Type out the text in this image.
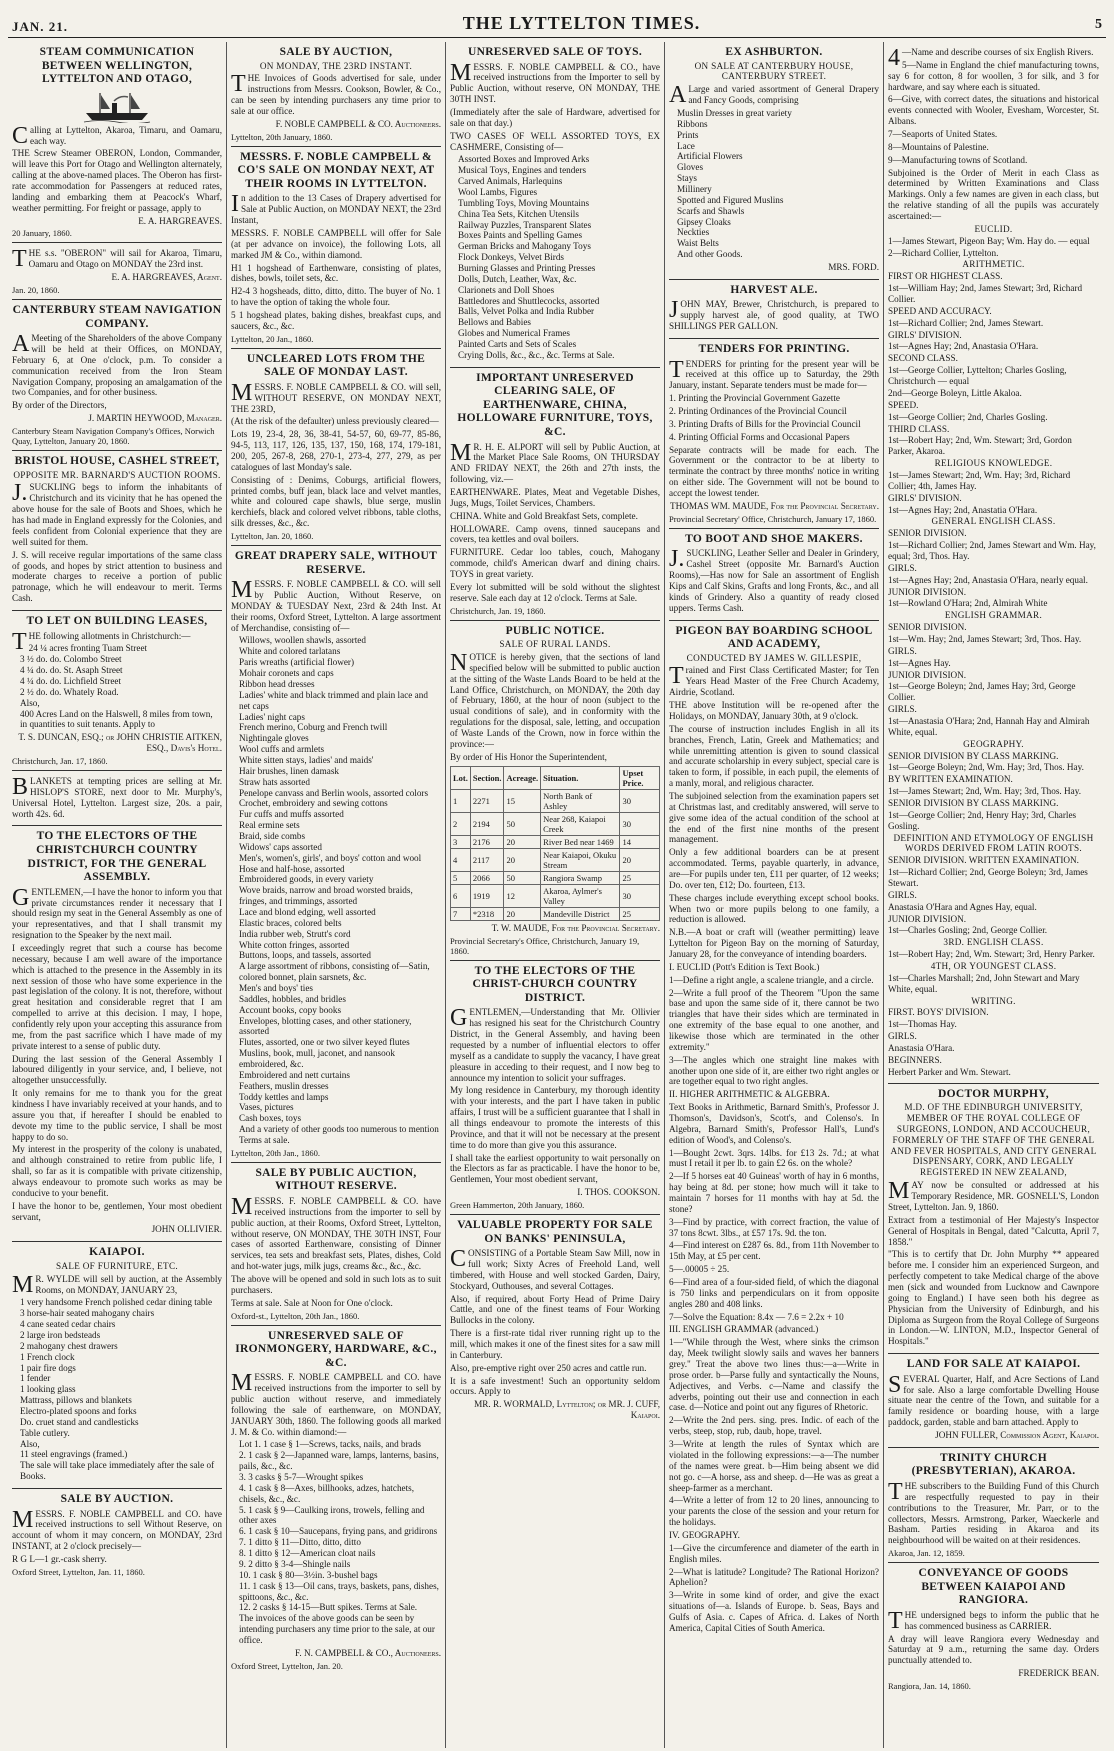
JAN. 21.	THE LYTTELTON TIMES.	5
STEAM COMMUNICATION BETWEEN WELLINGTON, LYTTELTON AND OTAGO,

Calling at Lyttelton, Akaroa, Timaru, and Oamaru, each way.

THE Screw Steamer OBERON, London, Commander, will leave this Port for Otago and Wellington alternately, calling at the above-named places. The Oberon has first-rate accommodation for Passengers at reduced rates, landing and embarking them at Peacock's Wharf, weather permitting. For freight or passage, apply to

E. A. HARGREAVES.
20 January, 1860.

THE s.s. "OBERON" will sail for Akaroa, Timaru, Oamaru and Otago on MONDAY the 23rd inst.

E. A. HARGREAVES, Agent.
Jan. 20, 1860.
CANTERBURY STEAM NAVIGATION COMPANY.

AMeeting of the Shareholders of the above Company will be held at their Offices, on MONDAY, February 6, at One o'clock, p.m. To consider a communication received from the Iron Steam Navigation Company, proposing an amalgamation of the two Companies, and for other business.

By order of the Directors,

J. MARTIN HEYWOOD, Manager.
Canterbury Steam Navigation Company's Offices, Norwich Quay, Lyttelton, January 20, 1860.
BRISTOL HOUSE, CASHEL STREET,
OPPOSITE MR. BARNARD'S AUCTION ROOMS.

J.SUCKLING begs to inform the inhabitants of Christchurch and its vicinity that he has opened the above house for the sale of Boots and Shoes, which he has had made in England expressly for the Colonies, and feels confident from Colonial experience that they are well suited for them.

J. S. will receive regular importations of the same class of goods, and hopes by strict attention to business and moderate charges to receive a portion of public patronage, which he will endeavour to merit. Terms Cash.

TO LET ON BUILDING LEASES,

THE following allotments in Christchurch:—

24 ¼ acres fronting Tuam Street
3 ½ do. do. Colombo Street
4 ¼ do. do. St. Asaph Street
4 ¼ do. do. Lichfield Street
2 ½ do. do. Whately Road.
Also,
400 Acres Land on the Halswell, 8 miles from town, in quantities to suit tenants. Apply to
T. S. DUNCAN, ESQ.; or JOHN CHRISTIE AITKEN, ESQ., Davis's Hotel.
Christchurch, Jan. 17, 1860.

BLANKETS at tempting prices are selling at Mr. HISLOP'S STORE, next door to Mr. Murphy's, Universal Hotel, Lyttelton. Largest size, 20s. a pair, worth 42s. 6d.

TO THE ELECTORS OF THE CHRISTCHURCH COUNTRY DISTRICT, FOR THE GENERAL ASSEMBLY.

GENTLEMEN,—I have the honor to inform you that private circumstances render it necessary that I should resign my seat in the General Assembly as one of your representatives, and that I shall transmit my resignation to the Speaker by the next mail.

I exceedingly regret that such a course has become necessary, because I am well aware of the importance which is attached to the presence in the Assembly in its next session of those who have some experience in the past legislation of the colony. It is not, therefore, without great hesitation and considerable regret that I am compelled to arrive at this decision. I may, I hope, confidently rely upon your accepting this assurance from me, from the past sacrifice which I have made of my private interest to a sense of public duty.

During the last session of the General Assembly I laboured diligently in your service, and, I believe, not altogether unsuccessfully.

It only remains for me to thank you for the great kindness I have invariably received at your hands, and to assure you that, if hereafter I should be enabled to devote my time to the public service, I shall be most happy to do so.

My interest in the prosperity of the colony is unabated, and although constrained to retire from public life, I shall, so far as it is compatible with private citizenship, always endeavour to promote such works as may be conducive to your benefit.

I have the honor to be, gentlemen, Your most obedient servant,

JOHN OLLIVIER.
KAIAPOI.
SALE OF FURNITURE, ETC.

MR. WYLDE will sell by auction, at the Assembly Rooms, on MONDAY, JANUARY 23,

1 very handsome French polished cedar dining table
3 horse-hair seated mahogany chairs
4 cane seated cedar chairs
2 large iron bedsteads
2 mahogany chest drawers
1 French clock
1 pair fire dogs
1 fender
1 looking glass
Mattrass, pillows and blankets
Electro-plated spoons and forks
Do. cruet stand and candlesticks
Table cutlery.
Also,
11 steel engravings (framed.)
The sale will take place immediately after the sale of Books.
SALE BY AUCTION.

MESSRS. F. NOBLE CAMPBELL and CO. have received instructions to sell Without Reserve, on account of whom it may concern, on MONDAY, 23rd INSTANT, at 2 o'clock precisely—

R G L—1 gr.-cask sherry.

Oxford Street, Lyttelton, Jan. 11, 1860.
SALE BY AUCTION,
ON MONDAY, THE 23RD INSTANT.

THE Invoices of Goods advertised for sale, under instructions from Messrs. Cookson, Bowler, & Co., can be seen by intending purchasers any time prior to sale at our office.

F. NOBLE CAMPBELL & CO. Auctioneers.
Lyttelton, 20th January, 1860.
MESSRS. F. NOBLE CAMPBELL & CO'S SALE ON MONDAY NEXT, AT THEIR ROOMS IN LYTTELTON.

In addition to the 13 Cases of Drapery advertised for Sale at Public Auction, on MONDAY NEXT, the 23rd Instant,

MESSRS. F. NOBLE CAMPBELL will offer for Sale (at per advance on invoice), the following Lots, all marked JM & Co., within diamond.

H1 1 hogshead of Earthenware, consisting of plates, dishes, bowls, toilet sets, &c.

H2-4 3 hogsheads, ditto, ditto, ditto. The buyer of No. 1 to have the option of taking the whole four.

5 1 hogshead plates, baking dishes, breakfast cups, and saucers, &c., &c.

Lyttelton, 20 Jan., 1860.
UNCLEARED LOTS FROM THE SALE OF MONDAY LAST.

MESSRS. F. NOBLE CAMPBELL & CO. will sell, WITHOUT RESERVE, ON MONDAY NEXT, THE 23RD,

(At the risk of the defaulter) unless previously cleared—

Lots 19, 23-4, 28, 36, 38-41, 54-57, 60, 69-77, 85-86, 94-5, 113, 117, 126, 135, 137, 150, 168, 174, 179-181, 200, 205, 267-8, 268, 270-1, 273-4, 277, 279, as per catalogues of last Monday's sale.

Consisting of : Denims, Coburgs, artificial flowers, printed combs, buff jean, black lace and velvet mantles, white and coloured cape shawls, blue serge, muslin kerchiefs, black and colored velvet ribbons, table cloths, silk dresses, &c., &c.

Lyttelton, Jan. 20, 1860.
GREAT DRAPERY SALE, WITHOUT RESERVE.

MESSRS. F. NOBLE CAMPBELL & CO. will sell by Public Auction, Without Reserve, on MONDAY & TUESDAY Next, 23rd & 24th Inst. At their rooms, Oxford Street, Lyttelton. A large assortment of Merchandise, consisting of—

Willows, woollen shawls, assorted
White and colored tarlatans
Paris wreaths (artificial flower)
Mohair coronets and caps
Ribbon head dresses
Ladies' white and black trimmed and plain lace and net caps
Ladies' night caps
French merino, Coburg and French twill
Nightingale gloves
Wool cuffs and armlets
White sitten stays, ladies' and maids'
Hair brushes, linen damask
Straw hats assorted
Penelope canvass and Berlin wools, assorted colors
Crochet, embroidery and sewing cottons
Fur cuffs and muffs assorted
Real ermine sets
Braid, side combs
Widows' caps assorted
Men's, women's, girls', and boys' cotton and wool Hose and half-hose, assorted
Embroidered goods, in every variety
Wove braids, narrow and broad worsted braids, fringes, and trimmings, assorted
Lace and blond edging, well assorted
Elastic braces, colored belts
India rubber web, Strutt's cord
White cotton fringes, assorted
Buttons, loops, and tassels, assorted
A large assortment of ribbons, consisting of—Satin, colored bonnet, plain sarsnets, &c.
Men's and boys' ties
Saddles, hobbles, and bridles
Account books, copy books
Envelopes, blotting cases, and other stationery, assorted
Flutes, assorted, one or two silver keyed flutes
Muslins, book, mull, jaconet, and nansook embroidered, &c.
Embroidered and nett curtains
Feathers, muslin dresses
Toddy kettles and lamps
Vases, pictures
Cash boxes, toys
And a variety of other goods too numerous to mention
Terms at sale.
Lyttelton, 20th Jan., 1860.
SALE BY PUBLIC AUCTION, WITHOUT RESERVE.

MESSRS. F. NOBLE CAMPBELL & CO. have received instructions from the importer to sell by public auction, at their Rooms, Oxford Street, Lyttelton, without reserve, ON MONDAY, THE 30TH INST, Four cases of assorted Earthenware, consisting of Dinner services, tea sets and breakfast sets, Plates, dishes, Cold and hot-water jugs, milk jugs, creams &c., &c., &c.

The above will be opened and sold in such lots as to suit purchasers.

Terms at sale. Sale at Noon for One o'clock.

Oxford-st., Lyttelton, 20th Jan., 1860.
UNRESERVED SALE OF IRONMONGERY, HARDWARE, &C., &C.

MESSRS. F. NOBLE CAMPBELL and CO. have received instructions from the importer to sell by public auction without reserve, and immediately following the sale of earthenware, on MONDAY, JANUARY 30th, 1860. The following goods all marked J. M. & Co. within diamond:—

Lot 1. 1 case § 1—Screws, tacks, nails, and brads
2. 1 cask § 2—Japanned ware, lamps, lanterns, basins, pails, &c., &c.
3. 3 casks § 5-7—Wrought spikes
4. 1 cask § 8—Axes, billhooks, adzes, hatchets, chisels, &c., &c.
5. 1 cask § 9—Caulking irons, trowels, felling and other axes
6. 1 cask § 10—Saucepans, frying pans, and gridirons
7. 1 ditto § 11—Ditto, ditto, ditto
8. 1 ditto § 12—American cloat nails
9. 2 ditto § 3-4—Shingle nails
10. 1 cask § 80—3½in. 3-bushel bags
11. 1 cask § 13—Oil cans, trays, baskets, pans, dishes, spittoons, &c., &c.
12. 2 casks § 14-15—Butt spikes. Terms at Sale.
The invoices of the above goods can be seen by intending purchasers any time prior to the sale, at our office.
F. N. CAMPBELL & CO., Auctioneers.
Oxford Street, Lyttelton, Jan. 20.
UNRESERVED SALE OF TOYS.

MESSRS. F. NOBLE CAMPBELL & CO., have received instructions from the Importer to sell by Public Auction, without reserve, ON MONDAY, THE 30TH INST.

(Immediately after the sale of Hardware, advertised for sale on that day.)

TWO CASES OF WELL ASSORTED TOYS, EX CASHMERE, Consisting of—

Assorted Boxes and Improved Arks
Musical Toys, Engines and tenders
Carved Animals, Harlequins
Wool Lambs, Figures
Tumbling Toys, Moving Mountains
China Tea Sets, Kitchen Utensils
Railway Puzzles, Transparent Slates
Boxes Paints and Spelling Games
German Bricks and Mahogany Toys
Flock Donkeys, Velvet Birds
Burning Glasses and Printing Presses
Dolls, Dutch, Leather, Wax, &c.
Clarionets and Doll Shoes
Battledores and Shuttlecocks, assorted
Balls, Velvet Polka and India Rubber
Bellows and Babies
Globes and Numerical Frames
Painted Carts and Sets of Scales
Crying Dolls, &c., &c., &c. Terms at Sale.
IMPORTANT UNRESERVED CLEARING SALE, OF EARTHENWARE, CHINA, HOLLOWARE FURNITURE, TOYS, &C.

MR. H. E. ALPORT will sell by Public Auction, at the Market Place Sale Rooms, ON THURSDAY AND FRIDAY NEXT, the 26th and 27th insts, the following, viz.—

EARTHENWARE. Plates, Meat and Vegetable Dishes, Jugs, Mugs, Toilet Services, Chambers.

CHINA. White and Gold Breakfast Sets, complete.

HOLLOWARE. Camp ovens, tinned saucepans and covers, tea kettles and oval boilers.

FURNITURE. Cedar loo tables, couch, Mahogany commode, child's American dwarf and dining chairs. TOYS in great variety.

Every lot submitted will be sold without the slightest reserve. Sale each day at 12 o'clock. Terms at Sale.

Christchurch, Jan. 19, 1860.
PUBLIC NOTICE.
SALE OF RURAL LANDS.

NOTICE is hereby given, that the sections of land specified below will be submitted to public auction at the sitting of the Waste Lands Board to be held at the Land Office, Christchurch, on MONDAY, the 20th day of February, 1860, at the hour of noon (subject to the usual conditions of sale), and in conformity with the regulations for the disposal, sale, letting, and occupation of Waste Lands of the Crown, now in force within the province:—

By order of His Honor the Superintendent,

Lot.	Section.	Acreage.	Situation.	Upset Price.
1	2271	15	North Bank of Ashley	30
2	2194	50	Near 268, Kaiapoi Creek	30
3	2176	20	River Bed near 1469	14
4	2117	20	Near Kaiapoi, Okuku Stream	20
5	2066	50	Rangiora Swamp	25
6	1919	12	Akaroa, Aylmer's Valley	30
7	*2318	20	Mandeville District	25
T. W. MAUDE, For the Provincial Secretary.
Provincial Secretary's Office, Christchurch, January 19, 1860.
TO THE ELECTORS OF THE CHRIST-CHURCH COUNTRY DISTRICT.

GENTLEMEN,—Understanding that Mr. Ollivier has resigned his seat for the Christchurch Country District, in the General Assembly, and having been requested by a number of influential electors to offer myself as a candidate to supply the vacancy, I have great pleasure in acceding to their request, and I now beg to announce my intention to solicit your suffrages.

My long residence in Canterbury, my thorough identity with your interests, and the part I have taken in public affairs, I trust will be a sufficient guarantee that I shall in all things endeavour to promote the interests of this Province, and that it will not be necessary at the present time to do more than give you this assurance.

I shall take the earliest opportunity to wait personally on the Electors as far as practicable. I have the honor to be, Gentlemen, Your most obedient servant,

I. THOS. COOKSON.
Green Hammerton, 20th January, 1860.
VALUABLE PROPERTY FOR SALE ON BANKS' PENINSULA,

CONSISTING of a Portable Steam Saw Mill, now in full work; Sixty Acres of Freehold Land, well timbered, with House and well stocked Garden, Dairy, Stockyard, Outhouses, and several Cottages.

Also, if required, about Forty Head of Prime Dairy Cattle, and one of the finest teams of Four Working Bullocks in the colony.

There is a first-rate tidal river running right up to the mill, which makes it one of the finest sites for a saw mill in Canterbury.

Also, pre-emptive right over 250 acres and cattle run.

It is a safe investment! Such an opportunity seldom occurs. Apply to

MR. R. WORMALD, Lyttelton; or MR. J. CUFF, Kaiapoi.
EX ASHBURTON.
ON SALE AT CANTERBURY HOUSE, CANTERBURY STREET.

ALarge and varied assortment of General Drapery and Fancy Goods, comprising

Muslin Dresses in great variety
Ribbons
Prints
Lace
Artificial Flowers
Gloves
Stays
Millinery
Spotted and Figured Muslins
Scarfs and Shawls
Gipsey Cloaks
Neckties
Waist Belts
And other Goods.
MRS. FORD.
HARVEST ALE.

JOHN MAY, Brewer, Christchurch, is prepared to supply harvest ale, of good quality, at TWO SHILLINGS PER GALLON.

TENDERS FOR PRINTING.

TENDERS for printing for the present year will be received at this office up to Saturday, the 29th January, instant. Separate tenders must be made for—

1. Printing the Provincial Government Gazette

2. Printing Ordinances of the Provincial Council

3. Printing Drafts of Bills for the Provincial Council

4. Printing Official Forms and Occasional Papers

Separate contracts will be made for each. The Government or the contractor to be at liberty to terminate the contract by three months' notice in writing on either side. The Government will not be bound to accept the lowest tender.

THOMAS WM. MAUDE, For the Provincial Secretary.
Provincial Secretary' Office, Christchurch, January 17, 1860.
TO BOOT AND SHOE MAKERS.

J.SUCKLING, Leather Seller and Dealer in Grindery, Cashel Street (opposite Mr. Barnard's Auction Rooms),—Has now for Sale an assortment of English Kips and Calf Skins, Grafts and long Fronts, &c., and all kinds of Grindery. Also a quantity of ready closed uppers. Terms Cash.

PIGEON BAY BOARDING SCHOOL AND ACADEMY,
CONDUCTED BY JAMES W. GILLESPIE,

Trained and First Class Certificated Master; for Ten Years Head Master of the Free Church Academy, Airdrie, Scotland.

THE above Institution will be re-opened after the Holidays, on MONDAY, January 30th, at 9 o'clock.

The course of instruction includes English in all its branches, French, Latin, Greek and Mathematics; and while unremitting attention is given to sound classical and accurate scholarship in every subject, special care is taken to form, if possible, in each pupil, the elements of a manly, moral, and religious character.

The subjoined selection from the examination papers set at Christmas last, and creditably answered, will serve to give some idea of the actual condition of the school at the end of the first nine months of the present management.

Only a few additional boarders can be at present accommodated. Terms, payable quarterly, in advance, are—For pupils under ten, £11 per quarter, of 12 weeks; Do. over ten, £12; Do. fourteen, £13.

These charges include everything except school books. When two or more pupils belong to one family, a reduction is allowed.

N.B.—A boat or craft will (weather permitting) leave Lyttelton for Pigeon Bay on the morning of Saturday, January 28, for the conveyance of intending boarders.

I. EUCLID (Pott's Edition is Text Book.)

1—Define a right angle, a scalene triangle, and a circle.

2—Write a full proof of the Theorem "Upon the same base and upon the same side of it, there cannot be two triangles that have their sides which are terminated in one extremity of the base equal to one another, and likewise those which are terminated in the other extremity."

3—The angles which one straight line makes with another upon one side of it, are either two right angles or are together equal to two right angles.

II. HIGHER ARITHMETIC & ALGEBRA.

Text Books in Arithmetic, Barnard Smith's, Professor J. Thomson's, Davidson's, Scott's, and Colenso's. In Algebra, Barnard Smith's, Professor Hall's, Lund's edition of Wood's, and Colenso's.

1—Bought 2cwt. 3qrs. 14lbs. for £13 2s. 7d.; at what must I retail it per lb. to gain £2 6s. on the whole?

2—If 5 horses eat 40 Guineas' worth of hay in 6 months, hay being at 8d. per stone; how much will it take to maintain 7 horses for 11 months with hay at 5d. the stone?

3—Find by practice, with correct fraction, the value of 37 tons 8cwt. 3lbs., at £57 17s. 9d. the ton.

4—Find interest on £287 6s. 8d., from 11th November to 15th May, at £5 per cent.

5—.00005 ÷ 25.

6—Find area of a four-sided field, of which the diagonal is 750 links and perpendiculars on it from opposite angles 280 and 408 links.

7—Solve the Equation: 8.4x — 7.6 = 2.2x + 10

III. ENGLISH GRAMMAR (advanced.)

1—"While through the West, where sinks the crimson day, Meek twilight slowly sails and waves her banners grey." Treat the above two lines thus:—a—Write in prose order. b—Parse fully and syntactically the Nouns, Adjectives, and Verbs. c—Name and classify the adverbs, pointing out their use and connection in each case. d—Notice and point out any figures of Rhetoric.

2—Write the 2nd pers. sing. pres. Indic. of each of the verbs, steep, stop, rub, daub, hope, travel.

3—Write at length the rules of Syntax which are violated in the following expressions:—a—The number of the names were great. b—Him being absent we did not go. c—A horse, ass and sheep. d—He was as great a sheep-farmer as a merchant.

4—Write a letter of from 12 to 20 lines, announcing to your parents the close of the session and your return for the holidays.

IV. GEOGRAPHY.

1—Give the circumference and diameter of the earth in English miles.

2—What is latitude? Longitude? The Rational Horizon? Aphelion?

3—Write in some kind of order, and give the exact situations of—a. Islands of Europe. b. Seas, Bays and Gulfs of Asia. c. Capes of Africa. d. Lakes of North America, Capital Cities of South America.

4—Name and describe courses of six English Rivers.

5—Name in England the chief manufacturing towns, say 6 for cotton, 8 for woollen, 3 for silk, and 3 for hardware, and say where each is situated.

6—Give, with correct dates, the situations and historical events connected with Wooler, Evesham, Worcester, St. Albans.

7—Seaports of United States.

8—Mountains of Palestine.

9—Manufacturing towns of Scotland.

Subjoined is the Order of Merit in each Class as determined by Written Examinations and Class Markings. Only a few names are given in each class, but the relative standing of all the pupils was accurately ascertained:—

EUCLID.
1—James Stewart, Pigeon Bay; Wm. Hay do. — equal
2—Richard Collier, Lyttelton.
ARITHMETIC.
FIRST OR HIGHEST CLASS.
1st—William Hay; 2nd, James Stewart; 3rd, Richard Collier.
SPEED AND ACCURACY.
1st—Richard Collier; 2nd, James Stewart.
GIRLS' DIVISION.
1st—Agnes Hay; 2nd, Anastasia O'Hara.
SECOND CLASS.
1st—George Collier, Lyttelton; Charles Gosling, Christchurch — equal
2nd—George Boleyn, Little Akaloa.
SPEED.
1st—George Collier; 2nd, Charles Gosling.
THIRD CLASS.
1st—Robert Hay; 2nd, Wm. Stewart; 3rd, Gordon Parker, Akaroa.
RELIGIOUS KNOWLEDGE.
1st—James Stewart; 2nd, Wm. Hay; 3rd, Richard Collier; 4th, James Hay.
GIRLS' DIVISION.
1st—Agnes Hay; 2nd, Anastatia O'Hara.
GENERAL ENGLISH CLASS.
SENIOR DIVISION.
1st—Richard Collier; 2nd, James Stewart and Wm. Hay, equal; 3rd, Thos. Hay.
GIRLS.
1st—Agnes Hay; 2nd, Anastasia O'Hara, nearly equal.
JUNIOR DIVISION.
1st—Rowland O'Hara; 2nd, Almirah White
ENGLISH GRAMMAR.
SENIOR DIVISION.
1st—Wm. Hay; 2nd, James Stewart; 3rd, Thos. Hay.
GIRLS.
1st—Agnes Hay.
JUNIOR DIVISION.
1st—George Boleyn; 2nd, James Hay; 3rd, George Collier.
GIRLS.
1st—Anastasia O'Hara; 2nd, Hannah Hay and Almirah White, equal.
GEOGRAPHY.
SENIOR DIVISION BY CLASS MARKING.
1st—George Boleyn; 2nd, Wm. Hay; 3rd, Thos. Hay.
BY WRITTEN EXAMINATION.
1st—James Stewart; 2nd, Wm. Hay; 3rd, Thos. Hay.
SENIOR DIVISION BY CLASS MARKING.
1st—George Collier; 2nd, Henry Hay; 3rd, Charles Gosling.
DEFINITION AND ETYMOLOGY OF ENGLISH WORDS DERIVED FROM LATIN ROOTS.
SENIOR DIVISION. WRITTEN EXAMINATION.
1st—Richard Collier; 2nd, George Boleyn; 3rd, James Stewart.
GIRLS.
Anastasia O'Hara and Agnes Hay, equal.
JUNIOR DIVISION.
1st—Charles Gosling; 2nd, George Collier.
3RD. ENGLISH CLASS.
1st—Robert Hay; 2nd, Wm. Stewart; 3rd, Henry Parker.
4TH, OR YOUNGEST CLASS.
1st—Charles Marshall; 2nd, John Stewart and Mary White, equal.
WRITING.
FIRST. BOYS' DIVISION.
1st—Thomas Hay.
GIRLS.
Anastasia O'Hara.
BEGINNERS.
Herbert Parker and Wm. Stewart.
DOCTOR MURPHY,
M.D. OF THE EDINBURGH UNIVERSITY, MEMBER OF THE ROYAL COLLEGE OF SURGEONS, LONDON, AND ACCOUCHEUR, FORMERLY OF THE STAFF OF THE GENERAL AND FEVER HOSPITALS, AND CITY GENERAL DISPENSARY, CORK, AND LEGALLY REGISTERED IN NEW ZEALAND,

MAY now be consulted or addressed at his Temporary Residence, MR. GOSNELL'S, London Street, Lyttelton. Jan. 9, 1860.

Extract from a testimonial of Her Majesty's Inspector General of Hospitals in Bengal, dated "Calcutta, April 7, 1858."

"This is to certify that Dr. John Murphy ** appeared before me. I consider him an experienced Surgeon, and perfectly competent to take Medical charge of the above men (sick and wounded from Lucknow and Cawnpore going to England.) I have seen both his degree as Physician from the University of Edinburgh, and his Diploma as Surgeon from the Royal College of Surgeons in London.—W. LINTON, M.D., Inspector General of Hospitals."

LAND FOR SALE AT KAIAPOI.

SEVERAL Quarter, Half, and Acre Sections of Land for sale. Also a large comfortable Dwelling House situate near the centre of the Town, and suitable for a family residence or boarding house, with a large paddock, garden, stable and barn attached. Apply to

JOHN FULLER, Commission Agent, Kaiapoi.
TRINITY CHURCH (PRESBYTERIAN), AKAROA.

THE subscribers to the Building Fund of this Church are respectfully requested to pay in their contributions to the Treasurer, Mr. Parr, or to the collectors, Messrs. Armstrong, Parker, Waeckerle and Basham. Parties residing in Akaroa and its neighbourhood will be waited on at their residences.

Akaroa, Jan. 12, 1859.
CONVEYANCE OF GOODS BETWEEN KAIAPOI AND RANGIORA.

THE undersigned begs to inform the public that he has commenced business as CARRIER.

A dray will leave Rangiora every Wednesday and Saturday at 9 a.m., returning the same day. Orders punctually attended to.

FREDERICK BEAN.
Rangiora, Jan. 14, 1860.
